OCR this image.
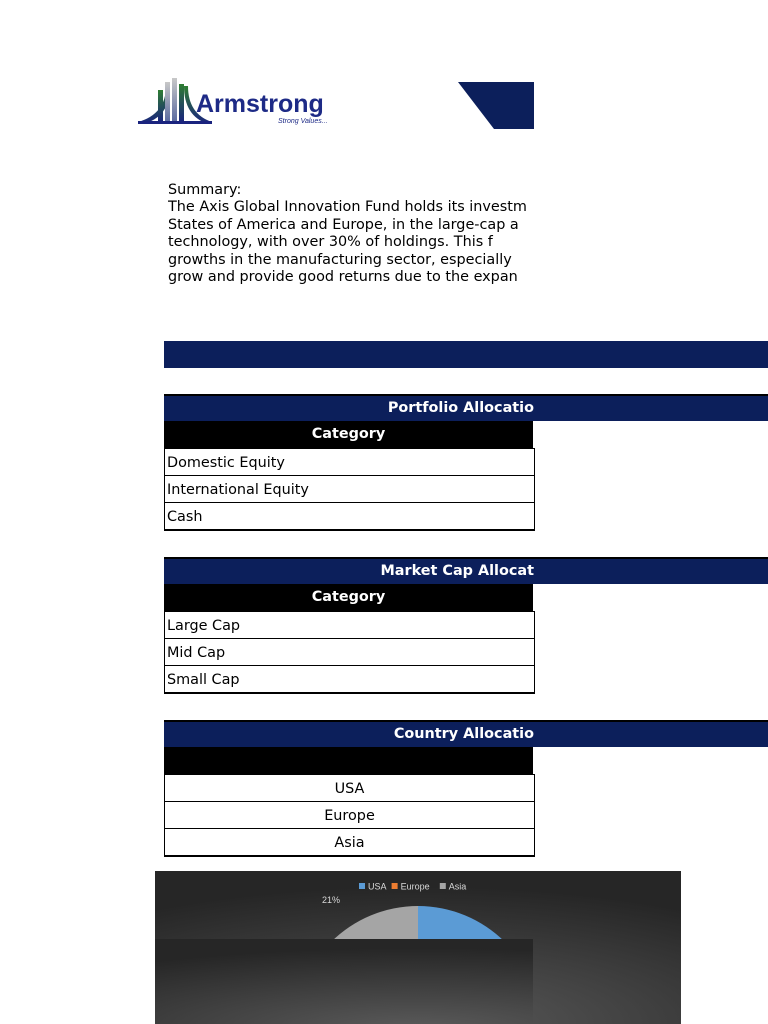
Armstrong
Strong Values...
Summary:
The Axis Global Innovation Fund holds its investm
States of America and Europe, in the large-cap a
technology, with over 30% of holdings. This f
growths in the manufacturing sector, especially
grow and provide good returns due to the expan
Portfolio Allocatio
Category
Domestic Equity
International Equity
Cash
Market Cap Allocat
Category
Large Cap
Mid Cap
Small Cap
Country Allocatio
USA
Europe
Asia
USA Europe Asia
21%
